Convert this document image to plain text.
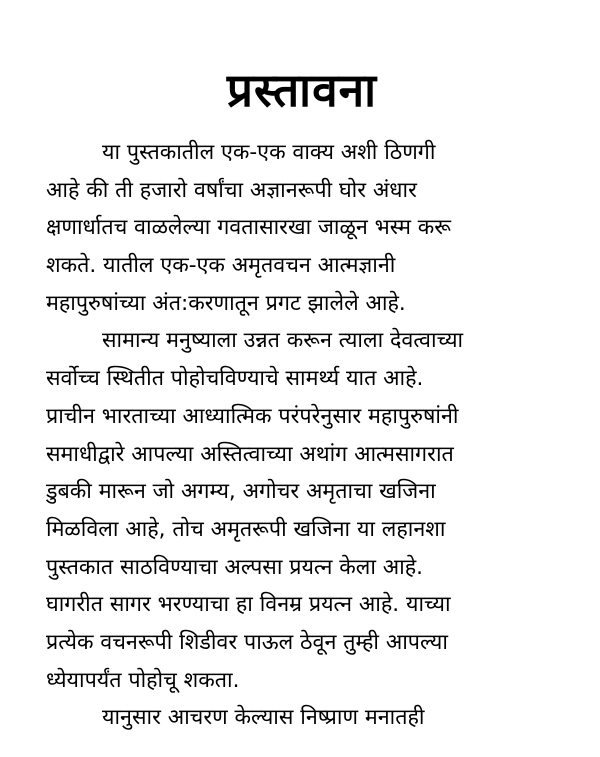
प्रस्तावना
या पुस्तकातील एक-एक वाक्य अशी ठिणगी
आहे की ती हजारो वर्षांचा अज्ञानरूपी घोर अंधार
क्षणार्धातच वाळलेल्या गवतासारखा जाळून भस्म करू
शकते. यातील एक-एक अमृतवचन आत्मज्ञानी
महापुरुषांच्या अंत:करणातून प्रगट झालेले आहे.
सामान्य मनुष्याला उन्नत करून त्याला देवत्वाच्या
सर्वोच्च स्थितीत पोहोचविण्याचे सामर्थ्य यात आहे.
प्राचीन भारताच्या आध्यात्मिक परंपरेनुसार महापुरुषांनी
समाधीद्वारे आपल्या अस्तित्वाच्या अथांग आत्मसागरात
डुबकी मारून जो अगम्य, अगोचर अमृताचा खजिना
मिळविला आहे, तोच अमृतरूपी खजिना या लहानशा
पुस्तकात साठविण्याचा अल्पसा प्रयत्न केला आहे.
घागरीत सागर भरण्याचा हा विनम्र प्रयत्न आहे. याच्या
प्रत्येक वचनरूपी शिडीवर पाऊल ठेवून तुम्ही आपल्या
ध्येयापर्यंत पोहोचू शकता.
यानुसार आचरण केल्यास निष्प्राण मनातही
